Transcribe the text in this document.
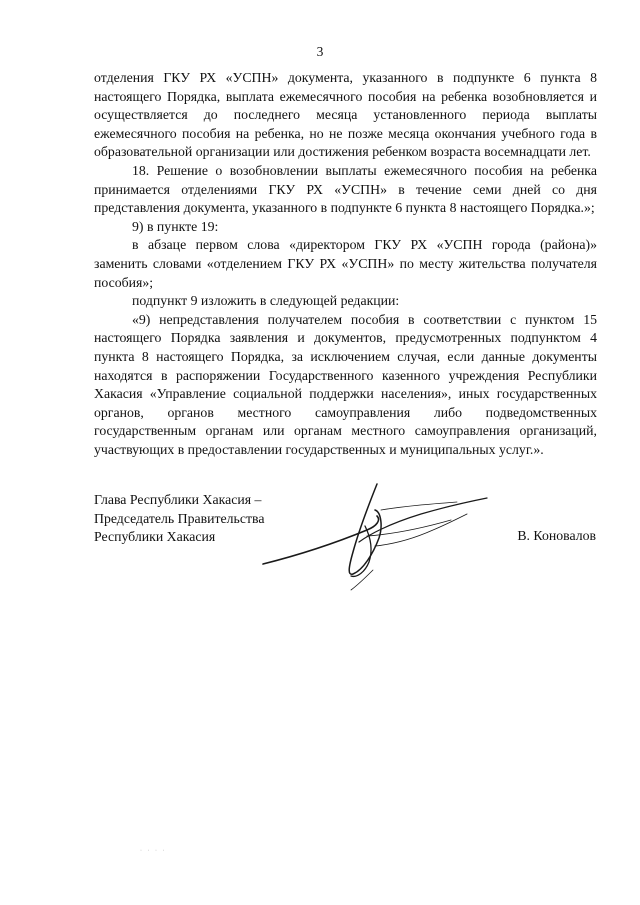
3

отделения ГКУ РХ «УСПН» документа, указанного в подпункте 6 пункта 8 настоящего Порядка, выплата ежемесячного пособия на ребенка возобновляется и осуществляется до последнего месяца установленного периода выплаты ежемесячного пособия на ребенка, но не позже месяца окончания учебного года в образовательной организации или достижения ребенком возраста восемнадцати лет.

18. Решение о возобновлении выплаты ежемесячного пособия на ребенка принимается отделениями ГКУ РХ «УСПН» в течение семи дней со дня представления документа, указанного в подпункте 6 пункта 8 настоящего Порядка.»;

9) в пункте 19:

в абзаце первом слова «директором ГКУ РХ «УСПН города (района)» заменить словами «отделением ГКУ РХ «УСПН» по месту жительства получателя пособия»;

подпункт 9 изложить в следующей редакции:

«9) непредставления получателем пособия в соответствии с пунктом 15 настоящего Порядка заявления и документов, предусмотренных подпунктом 4 пункта 8 настоящего Порядка, за исключением случая, если данные документы находятся в распоряжении Государственного казенного учреждения Республики Хакасия «Управление социальной поддержки населения», иных государственных органов, органов местного самоуправления либо подведомственных государственным органам или органам местного самоуправления организаций, участвующих в предоставлении государственных и муниципальных услуг.».

Глава Республики Хакасия –
Председатель Правительства
Республики Хакасия	В. Коновалов
· · · ·
